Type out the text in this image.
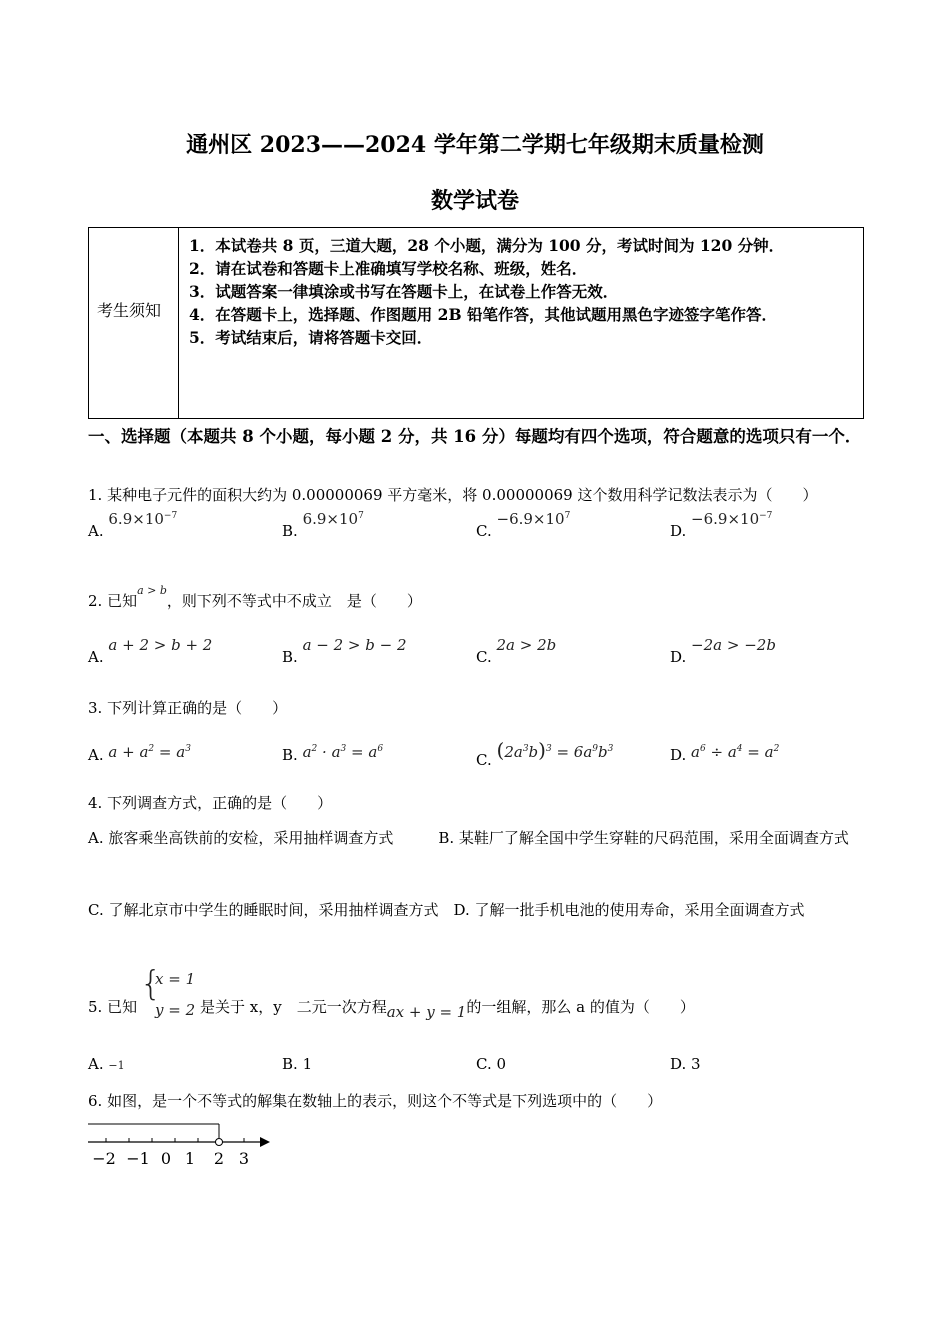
通州区 2023——2024 学年第二学期七年级期末质量检测
数学试卷
考生须知
1．本试卷共 8 页，三道大题，28 个小题，满分为 100 分，考试时间为 120 分钟．
2．请在试卷和答题卡上准确填写学校名称、班级，姓名．
3．试题答案一律填涂或书写在答题卡上，在试卷上作答无效．
4．在答题卡上，选择题、作图题用 2B 铅笔作答，其他试题用黑色字迹签字笔作答．
5．考试结束后，请将答题卡交回．
一、选择题（本题共 8 个小题，每小题 2 分，共 16 分）每题均有四个选项，符合题意的选项只有一个．
1. 某种电子元件的面积大约为 0.00000069 平方毫米，将 0.00000069 这个数用科学记数法表示为（　　）
A. $6.9\times 10^{-7}$
B. $6.9\times 10^7$
C. $-6.9\times 10^7$
D. $-6.9\times 10^{-7}$
2. 已知$^{a > b}$，则下列不等式中不成立　是（　　）
A. a + 2 > b + 2
B. a − 2 > b − 2
C. 2a > 2b
D. −2a > −2b
3. 下列计算正确的是（　　）
A. $a + a^2 = a^3$	B. $a^2 \cdot a^3 = a^6$
C. $(2a^3b)^3 = 6a^9b^3$	D. $a^6 \div a^4 = a^2$
4. 下列调查方式，正确的是（　　）
A. 旅客乘坐高铁前的安检，采用抽样调查方式　　　B. 某鞋厂了解全国中学生穿鞋的尺码范围，采用全面调查方式
C. 了解北京市中学生的睡眠时间，采用抽样调查方式　D. 了解一批手机电池的使用寿命，采用全面调查方式
5. 已知
{
x = 1
y = 2 是关于 x，y　二元一次方程ax + y = 1的一组解，那么 a 的值为（　　）
A. −1	B. 1	C. 0	D. 3
6. 如图，是一个不等式的解集在数轴上的表示，则这个不等式是下列选项中的（　　）
−2 −1 0 1 2 3
